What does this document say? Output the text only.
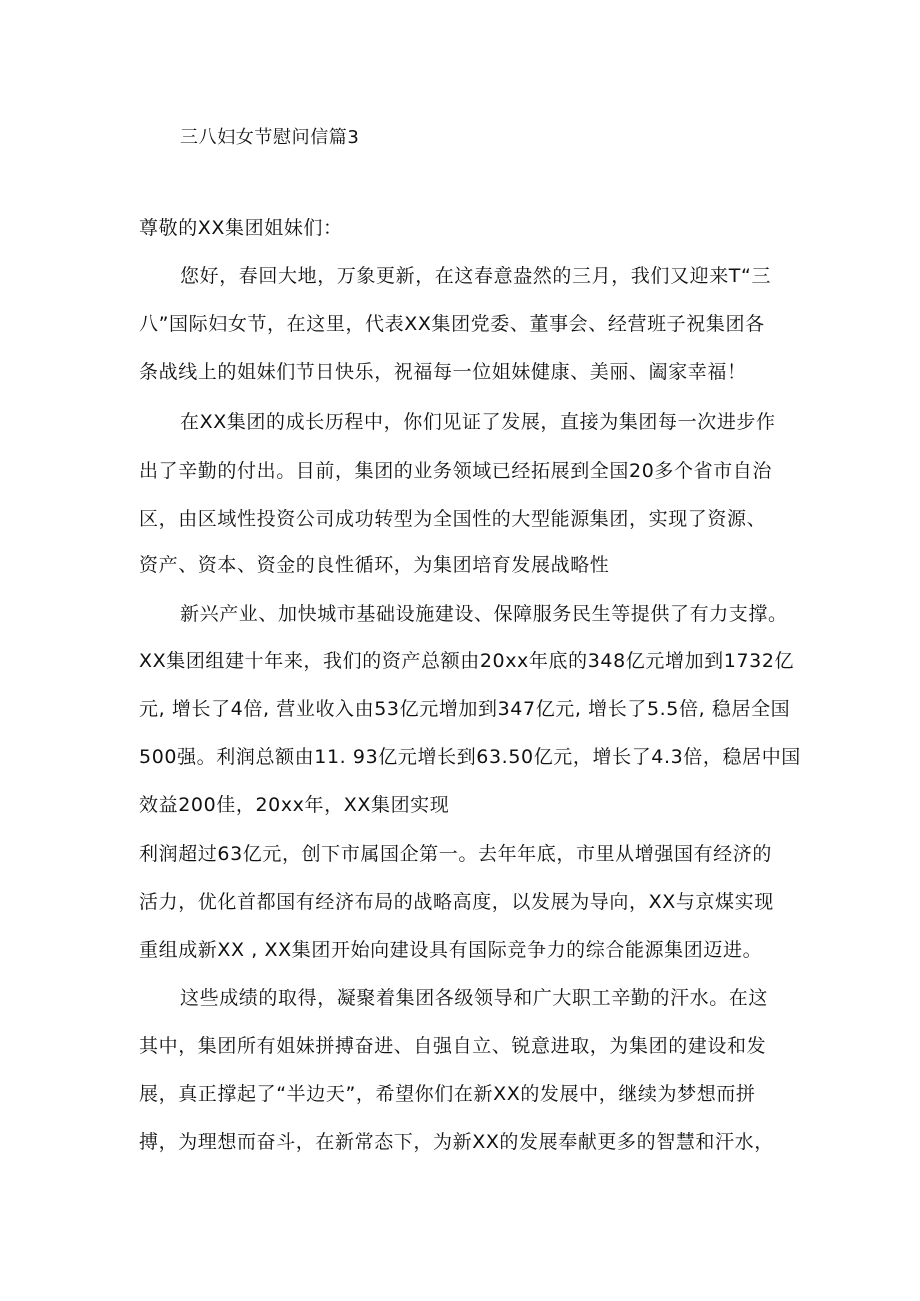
三八妇女节慰问信篇3
尊敬的XX集团姐妹们：
您好，春回大地，万象更新，在这春意盎然的三月，我们又迎来T“三
八”国际妇女节，在这里，代表XX集团党委、董事会、经营班子祝集团各
条战线上的姐妹们节日快乐，祝福每一位姐妹健康、美丽、阖家幸福！
在XX集团的成长历程中，你们见证了发展，直接为集团每一次进步作
出了辛勤的付出。目前，集团的业务领域已经拓展到全国20多个省市自治
区，由区域性投资公司成功转型为全国性的大型能源集团，实现了资源、
资产、资本、资金的良性循环，为集团培育发展战略性
新兴产业、加快城市基础设施建设、保障服务民生等提供了有力支撑。
XX集团组建十年来，我们的资产总额由20xx年底的348亿元增加到1732亿
元, 增长了4倍, 营业收入由53亿元增加到347亿元, 增长了5.5倍, 稳居全国
500强。利润总额由11. 93亿元增长到63.50亿元，增长了4.3倍，稳居中国
效益200佳，20xx年，XX集团实现
利润超过63亿元，创下市属国企第一。去年年底，市里从增强国有经济的
活力，优化首都国有经济布局的战略高度，以发展为导向，XX与京煤实现
重组成新XX , XX集团开始向建设具有国际竞争力的综合能源集团迈进。
这些成绩的取得，凝聚着集团各级领导和广大职工辛勤的汗水。在这
其中，集团所有姐妹拼搏奋进、自强自立、锐意进取，为集团的建设和发
展，真正撑起了“半边天”，希望你们在新XX的发展中，继续为梦想而拼
搏，为理想而奋斗，在新常态下，为新XX的发展奉献更多的智慧和汗水，
